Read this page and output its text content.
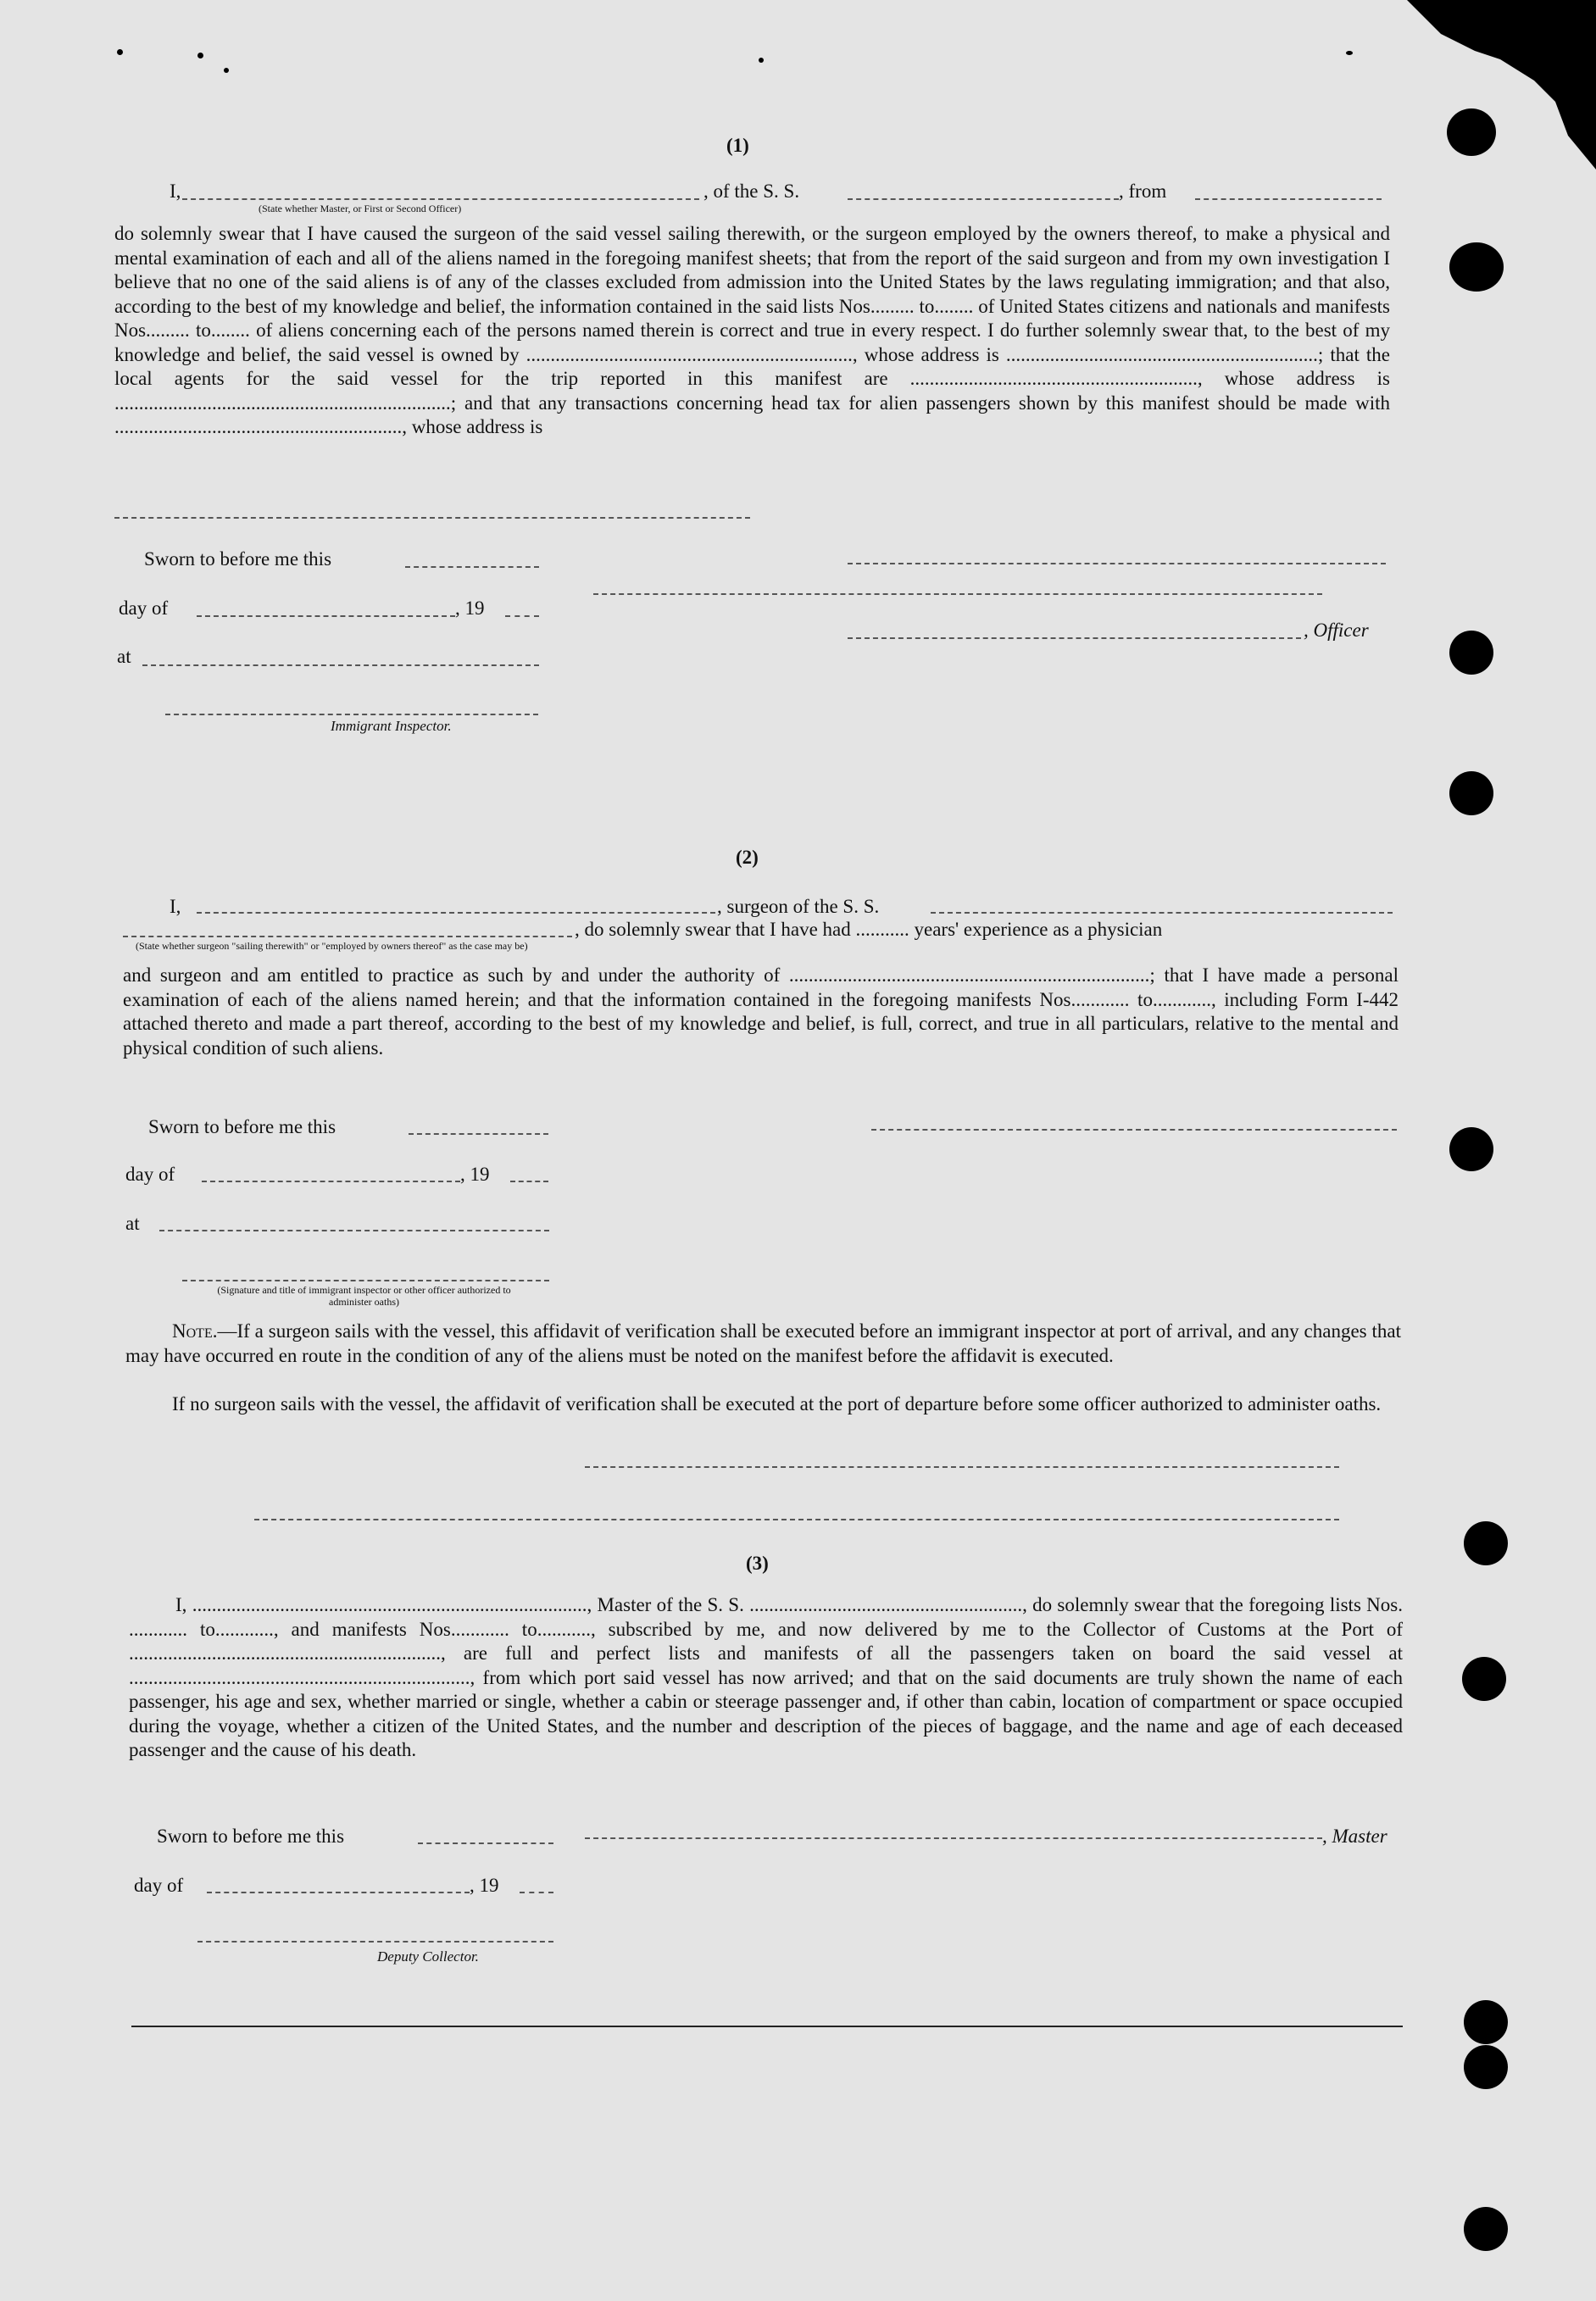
(1)
I,	, of the S. S.	, from
(State whether Master, or First or Second Officer)
do solemnly swear that I have caused the surgeon of the said vessel sailing therewith, or the surgeon employed by the owners thereof, to make a physical and mental examination of each and all of the aliens named in the foregoing manifest sheets; that from the report of the said surgeon and from my own investigation I believe that no one of the said aliens is of any of the classes excluded from admission into the United States by the laws regulating immigration; and that also, according to the best of my knowledge and belief, the information contained in the said lists Nos......... to........ of United States citizens and nationals and manifests Nos......... to........ of aliens concerning each of the persons named therein is correct and true in every respect. I do further solemnly swear that, to the best of my knowledge and belief, the said vessel is owned by ..................................................................., whose address is ................................................................; that the local agents for the said vessel for the trip reported in this manifest are ..........................................................., whose address is .....................................................................; and that any transactions concerning head tax for alien passengers shown by this manifest should be made with ..........................................................., whose address is
Sworn to before me this
day of	, 19
, Officer
at
Immigrant Inspector.
(2)
I,	, surgeon of the S. S.
, do solemnly swear that I have had ........... years' experience as a physician
(State whether surgeon "sailing therewith" or "employed by owners thereof" as the case may be)
and surgeon and am entitled to practice as such by and under the authority of ..........................................................................; that I have made a personal examination of each of the aliens named herein; and that the information contained in the foregoing manifests Nos............ to............, including Form I-442 attached thereto and made a part thereof, according to the best of my knowledge and belief, is full, correct, and true in all particulars, relative to the mental and physical condition of such aliens.
Sworn to before me this
day of	, 19
at
(Signature and title of immigrant inspector or other officer authorized to administer oaths)
Note.—If a surgeon sails with the vessel, this affidavit of verification shall be executed before an immigrant inspector at port of arrival, and any changes that may have occurred en route in the condition of any of the aliens must be noted on the manifest before the affidavit is executed.
If no surgeon sails with the vessel, the affidavit of verification shall be executed at the port of departure before some officer authorized to administer oaths.
(3)
I, ................................................................................., Master of the S. S. ........................................................, do solemnly swear that the foregoing lists Nos. ............ to............, and manifests Nos............ to..........., subscribed by me, and now delivered by me to the Collector of Customs at the Port of ................................................................, are full and perfect lists and manifests of all the passengers taken on board the said vessel at ......................................................................, from which port said vessel has now arrived; and that on the said documents are truly shown the name of each passenger, his age and sex, whether married or single, whether a cabin or steerage passenger and, if other than cabin, location of compartment or space occupied during the voyage, whether a citizen of the United States, and the number and description of the pieces of baggage, and the name and age of each deceased passenger and the cause of his death.
Sworn to before me this	, Master
day of	, 19
Deputy Collector.
